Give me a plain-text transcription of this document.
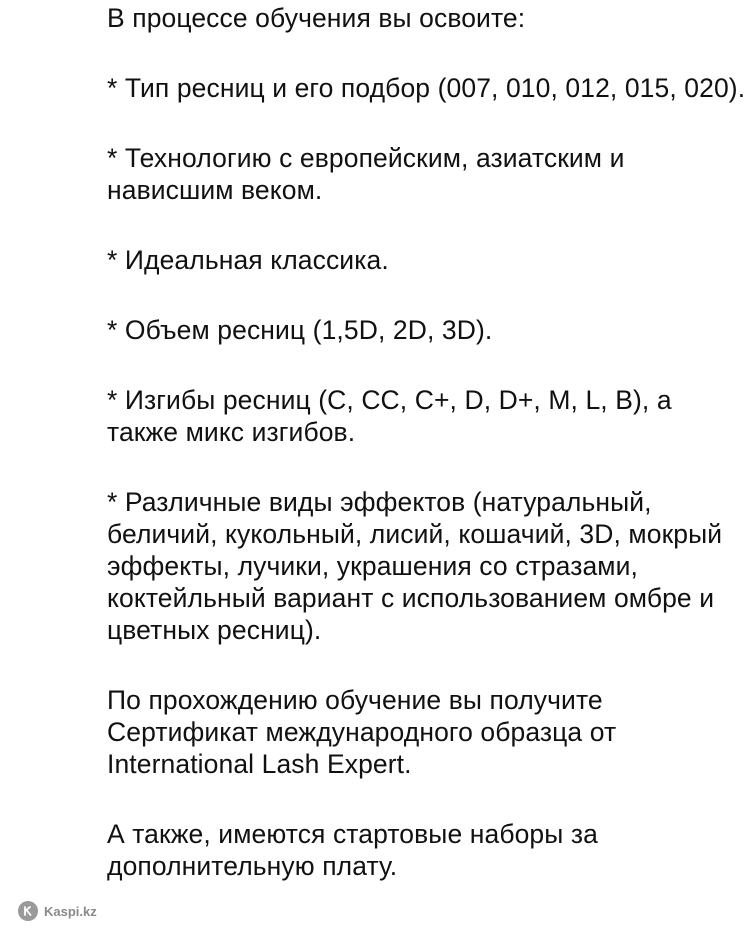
В процессе обучения вы освоите:

* Тип ресниц и его подбор (007, 010, 012, 015, 020).

* Технологию с европейским, азиатским и нависшим веком.

* Идеальная классика.

* Объем ресниц (1,5D, 2D, 3D).

* Изгибы ресниц (С, СС, С+, D, D+, M, L, B), а также микс изгибов.

* Различные виды эффектов (натуральный, беличий, кукольный, лисий, кошачий, 3D, мокрый эффекты, лучики, украшения со стразами, коктейльный вариант с использованием омбре и цветных ресниц).

По прохождению обучение вы получите Сертификат международного образца от International Lash Expert.

А также, имеются стартовые наборы за дополнительную плату.

Kaspi.kz
